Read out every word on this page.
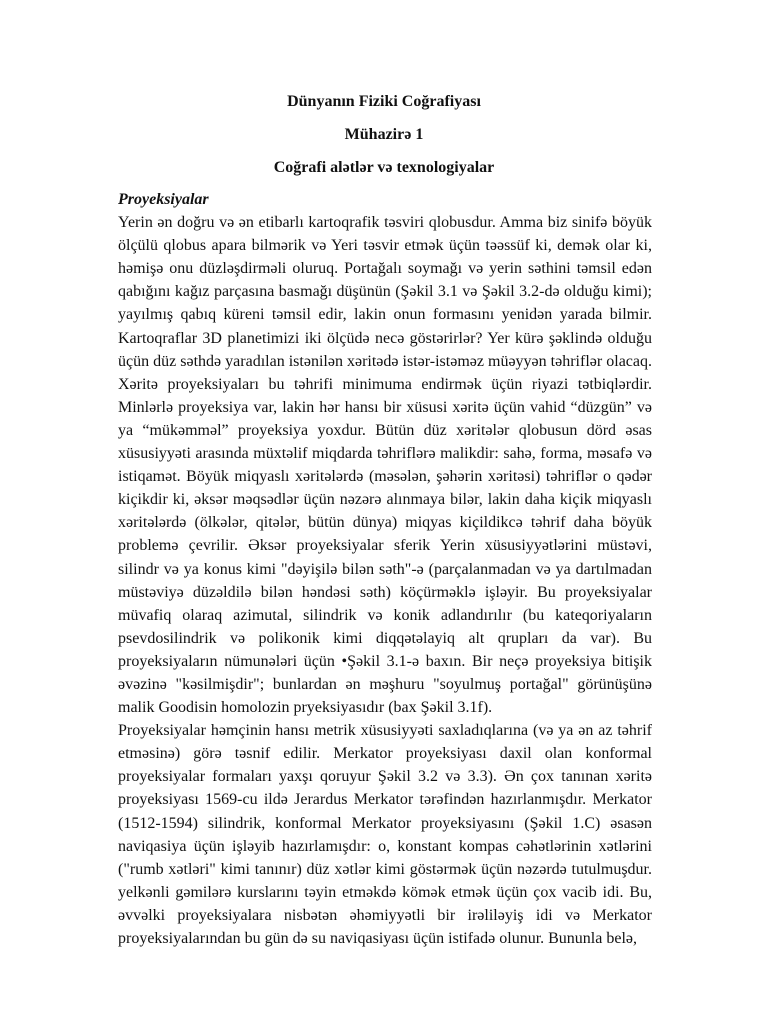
Dünyanın Fiziki Coğrafiyası

Mühazirə 1

Coğrafi alətlər və texnologiyalar

Proyeksiyalar

Yerin ən doğru və ən etibarlı kartoqrafik təsviri qlobusdur. Amma biz sinifə böyük ölçülü qlobus apara bilmərik və Yeri təsvir etmək üçün təəssüf ki, demək olar ki, həmişə onu düzləşdirməli oluruq. Portağalı soymağı və yerin səthini təmsil edən qabığını kağız parçasına basmağı düşünün (Şəkil 3.1 və Şəkil 3.2-də olduğu kimi); yayılmış qabıq küreni təmsil edir, lakin onun formasını yenidən yarada bilmir. Kartoqraflar 3D planetimizi iki ölçüdə necə göstərirlər? Yer kürə şəklində olduğu üçün düz səthdə yaradılan istənilən xəritədə istər-istəməz müəyyən təhriflər olacaq. Xəritə proyeksiyaları bu təhrifi minimuma endirmək üçün riyazi tətbiqlərdir. Minlərlə proyeksiya var, lakin hər hansı bir xüsusi xəritə üçün vahid “düzgün” və ya “mükəmməl” proyeksiya yoxdur. Bütün düz xəritələr qlobusun dörd əsas xüsusiyyəti arasında müxtəlif miqdarda təhriflərə malikdir: sahə, forma, məsafə və istiqamət. Böyük miqyaslı xəritələrdə (məsələn, şəhərin xəritəsi) təhriflər o qədər kiçikdir ki, əksər məqsədlər üçün nəzərə alınmaya bilər, lakin daha kiçik miqyaslı xəritələrdə (ölkələr, qitələr, bütün dünya) miqyas kiçildikcə təhrif daha böyük problemə çevrilir. Əksər proyeksiyalar sferik Yerin xüsusiyyətlərini müstəvi, silindr və ya konus kimi "dəyişilə bilən səth"-ə (parçalanmadan və ya dartılmadan müstəviyə düzəldilə bilən həndəsi səth) köçürməklə işləyir. Bu proyeksiyalar müvafiq olaraq azimutal, silindrik və konik adlandırılır (bu kateqoriyaların psevdosilindrik və polikonik kimi diqqətəlayiq alt qrupları da var). Bu proyeksiyaların nümunələri üçün •Şəkil 3.1-ə baxın. Bir neçə proyeksiya bitişik əvəzinə "kəsilmişdir"; bunlardan ən məşhuru "soyulmuş portağal" görünüşünə malik Goodisin homolozin pryeksiyasıdır (bax Şəkil 3.1f).

Proyeksiyalar həmçinin hansı metrik xüsusiyyəti saxladıqlarına (və ya ən az təhrif etməsinə) görə təsnif edilir. Merkator proyeksiyası daxil olan konformal proyeksiyalar formaları yaxşı qoruyur Şəkil 3.2 və 3.3). Ən çox tanınan xəritə proyeksiyası 1569-cu ildə Jerardus Merkator tərəfindən hazırlanmışdır. Merkator (1512-1594) silindrik, konformal Merkator proyeksiyasını (Şəkil 1.C) əsasən naviqasiya üçün işləyib hazırlamışdır: o, konstant kompas cəhətlərinin xətlərini ("rumb xətləri" kimi tanınır) düz xətlər kimi göstərmək üçün nəzərdə tutulmuşdur. yelkənli gəmilərə kurslarını təyin etməkdə kömək etmək üçün çox vacib idi. Bu, əvvəlki proyeksiyalara nisbətən əhəmiyyətli bir irəliləyiş idi və Merkator proyeksiyalarından bu gün də su naviqasiyası üçün istifadə olunur. Bununla belə,
